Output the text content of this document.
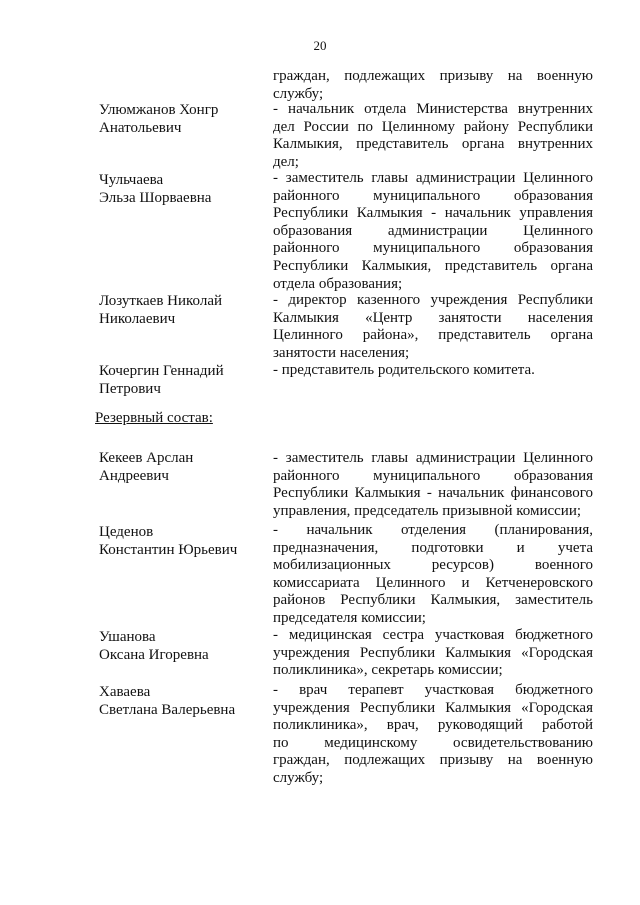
20
граждан, подлежащих призыву на военную
службу;
Улюмжанов Хонгр
Анатольевич
- начальник отдела Министерства внутренних
дел России по Целинному району Республики
Калмыкия, представитель органа внутренних
дел;
Чульчаева
Эльза Шорваевна
- заместитель главы администрации Целинного
районного муниципального образования
Республики Калмыкия - начальник управления
образования администрации Целинного
районного муниципального образования
Республики Калмыкия, представитель органа
отдела образования;
Лозуткаев Николай
Николаевич
- директор казенного учреждения Республики
Калмыкия «Центр занятости населения
Целинного района», представитель органа
занятости населения;
Кочергин Геннадий
Петрович
- представитель родительского комитета.
Резервный состав:
Кекеев Арслан
Андреевич
- заместитель главы администрации Целинного
районного муниципального образования
Республики Калмыкия - начальник финансового
управления, председатель призывной комиссии;
Цеденов
Константин Юрьевич
- начальник отделения (планирования,
предназначения, подготовки и учета
мобилизационных ресурсов) военного
комиссариата Целинного и Кетченеровского
районов Республики Калмыкия, заместитель
председателя комиссии;
Ушанова
Оксана Игоревна
- медицинская сестра участковая бюджетного
учреждения Республики Калмыкия «Городская
поликлиника», секретарь комиссии;
Хаваева
Светлана Валерьевна
- врач терапевт участковая бюджетного
учреждения Республики Калмыкия «Городская
поликлиника», врач, руководящий работой
по медицинскому освидетельствованию
граждан, подлежащих призыву на военную
службу;
